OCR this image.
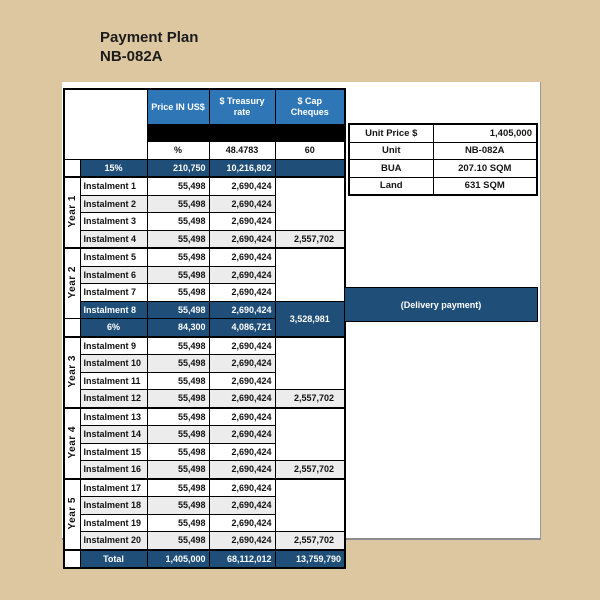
Payment Plan
NB-082A
		Price IN US$	$ Treasury rate	$ Cap Cheques

		%	48.4783	60
	15%	210,750	10,216,802	
Year 1	Instalment 1	55,498	2,690,424	
	Instalment 2	55,498	2,690,424	
	Instalment 3	55,498	2,690,424	
	Instalment 4	55,498	2,690,424	2,557,702
Year 2	Instalment 5	55,498	2,690,424	
	Instalment 6	55,498	2,690,424	
	Instalment 7	55,498	2,690,424	
	Instalment 8	55,498	2,690,424	3,528,981
	6%	84,300	4,086,721	
Year 3	Instalment 9	55,498	2,690,424	
	Instalment 10	55,498	2,690,424	
	Instalment 11	55,498	2,690,424	
	Instalment 12	55,498	2,690,424	2,557,702
Year 4	Instalment 13	55,498	2,690,424	
	Instalment 14	55,498	2,690,424	
	Instalment 15	55,498	2,690,424	
	Instalment 16	55,498	2,690,424	2,557,702
Year 5	Instalment 17	55,498	2,690,424	
	Instalment 18	55,498	2,690,424	
	Instalment 19	55,498	2,690,424	
	Instalment 20	55,498	2,690,424	2,557,702
	Total	1,405,000	68,112,012	13,759,790
(Delivery payment)
Unit Price $	1,405,000
Unit	NB-082A
BUA	207.10 SQM
Land	631 SQM
